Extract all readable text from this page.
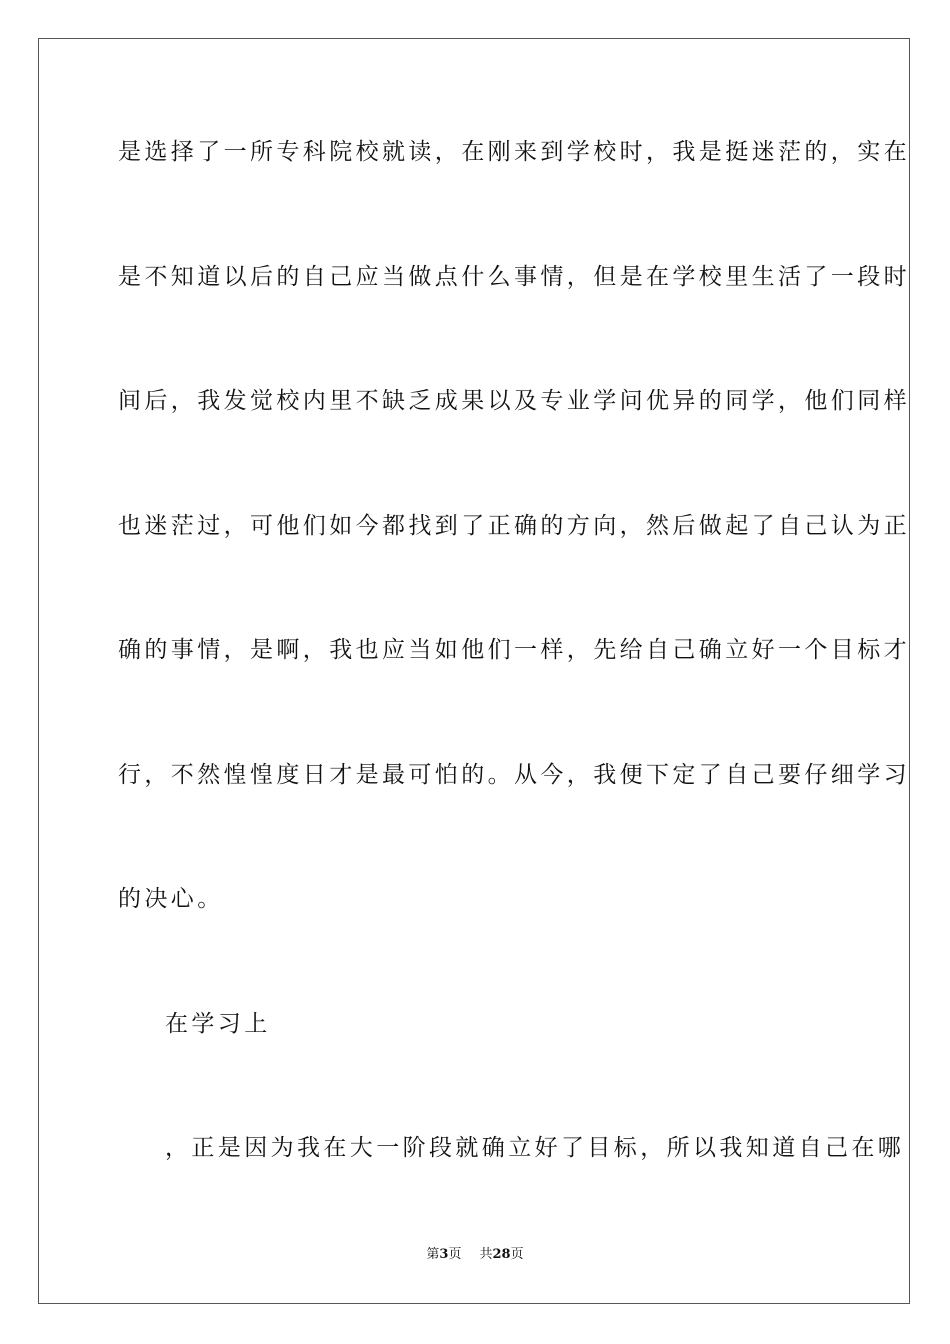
是选择了一所专科院校就读，在刚来到学校时，我是挺迷茫的，实在
是不知道以后的自己应当做点什么事情，但是在学校里生活了一段时
间后，我发觉校内里不缺乏成果以及专业学问优异的同学，他们同样
也迷茫过，可他们如今都找到了正确的方向，然后做起了自己认为正
确的事情，是啊，我也应当如他们一样，先给自己确立好一个目标才
行，不然惶惶度日才是最可怕的。从今，我便下定了自己要仔细学习
的决心。
在学习上
，正是因为我在大一阶段就确立好了目标，所以我知道自己在哪
第3页 共28页
